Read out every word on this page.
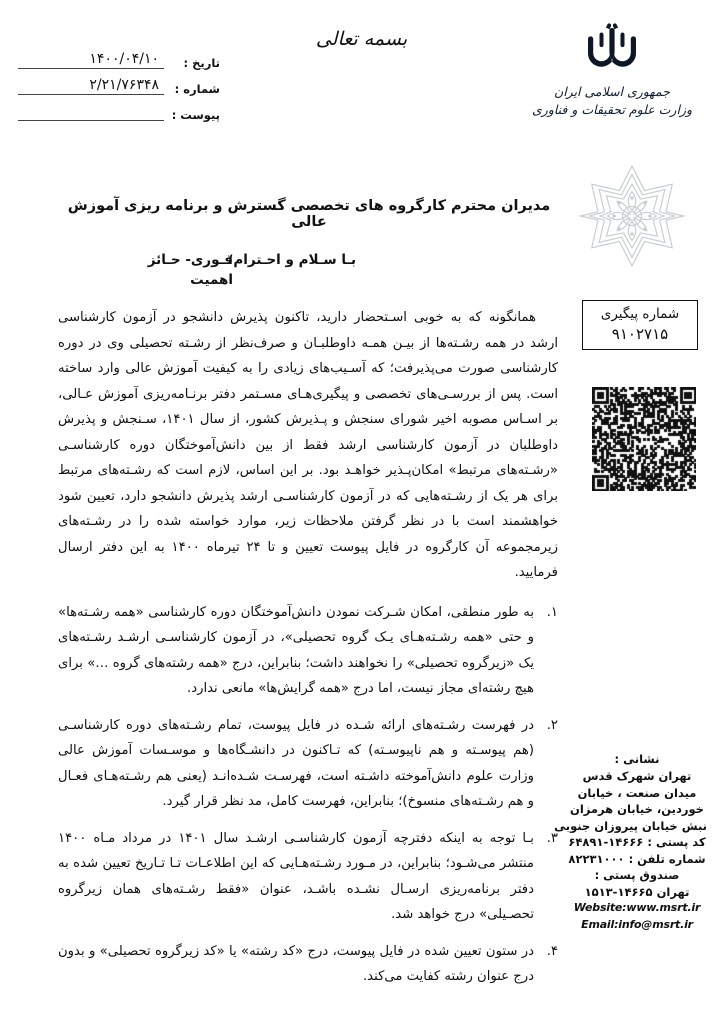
بسمه تعالی
تاریخ :
۱۴۰۰/۰۴/۱۰
شماره :
۲/۲۱/۷۶۳۴۸
پیوست :
جمهوری اسلامی ایران
وزارت علوم تحقیقات و فناوری
شماره پیگیری
۹۱۰۲۷۱۵
مدیران محترم کارگروه های تخصصی گسترش و برنامه ریزی آموزش عالی
فـوری- حـائز
اهمیت
بـا سـلام و احـترام؛

همانگونه که به خوبی اسـتحضار دارید، تاکنون پذیرش دانشجو در آزمون کارشناسی ارشد در همه رشـته‌ها از بیـن همـه داوطلبـان و صرف‌نظر از رشـته تحصیلی وی در دوره کارشناسی صورت می‌پذیرفت؛ که آسـیب‌های زیادی را به کیفیت آموزش عالی وارد ساخته است. پس از بررسـی‌های تخصصی و پیگیری‌هـای مسـتمر دفتر برنـامه‌ریزی آموزش عـالی، بر اسـاس مصوبه اخیر شورای سنجش و پـذیرش کشور، از سال ۱۴۰۱، سـنجش و پذیرش داوطلبان در آزمون کارشناسی ارشد فقط از بین دانش‌آموختگان دوره کارشناسـی «رشـته‌های مرتبط» امکان‌پـذیر خواهـد بود. بر این اساس، لازم است که رشـته‌های مرتبط برای هر یک از رشـته‌هایی که در آزمون کارشناسـی ارشد پذیرش دانشجو دارد، تعیین شود خواهشمند است با در نظر گرفتن ملاحظات زیر، موارد خواسته شده را در رشـته‌های زیرمجموعه آن کارگروه در فایل پیوست تعیین و تا ۲۴ تیرماه ۱۴۰۰ به این دفتر ارسال فرمایید.

۱.
به طور منطقی، امکان شـرکت نمودن دانش‌آموختگان دوره کارشناسی «همه رشـته‌ها» و حتی «همه رشـته‌هـای یـک گروه تحصیلی»، در آزمون کارشناسـی ارشـد رشـته‌های یک «زیرگروه تحصیلی» را نخواهند داشت؛ بنابراین، درج «همه رشته‌های گروه …» برای هیچ رشته‌ای مجاز نیست، اما درج «همه گرایش‌ها» مانعی ندارد.
۲.
در فهرست رشـته‌های ارائه شـده در فایل پیوست، تمام رشـته‌های دوره کارشناسـی (هم پیوسـته و هم ناپیوسـته) که تـاکنون در دانشـگاه‌ها و موسـسات آموزش عالی وزارت علوم دانش‌آموخته داشـته است، فهرسـت شـده‌انـد (یعنی هم رشـته‌هـای فعـال و هم رشـته‌های منسوخ)؛ بنابراین، فهرست کامل، مد نظر قرار گیرد.
۳.
بـا توجه به اینکه دفترچه آزمون کارشناسـی ارشـد سال ۱۴۰۱ در مرداد مـاه ۱۴۰۰ منتشر می‌شـود؛ بنابراین، در مـورد رشـته‌هـایی که این اطلاعـات تـا تـاریخ تعیین شده به دفتر برنامه‌ریزی ارسـال نشـده باشـد، عنوان «فقط رشـته‌های همان زیرگروه تحصـیلی» درج خواهد شد.
۴.
در ستون تعیین شده در فایل پیوست، درج «کد رشته» یا «کد زیرگروه تحصیلی» و بدون درج عنوان رشته کفایت می‌کند.
نشانی :
تهران شهرک قدس
میدان صنعت ، خیابان
خوردین، خیابان هرمزان
نبش خیابان پیروزان جنوبی
کد پستی : ۱۴۶۶۶-۶۴۸۹۱
شماره تلفن : ۸۲۲۳۱۰۰۰
صندوق پستی :
تهران ۱۴۶۶۵-۱۵۱۳
Website:www.msrt.ir
Email:info@msrt.ir
